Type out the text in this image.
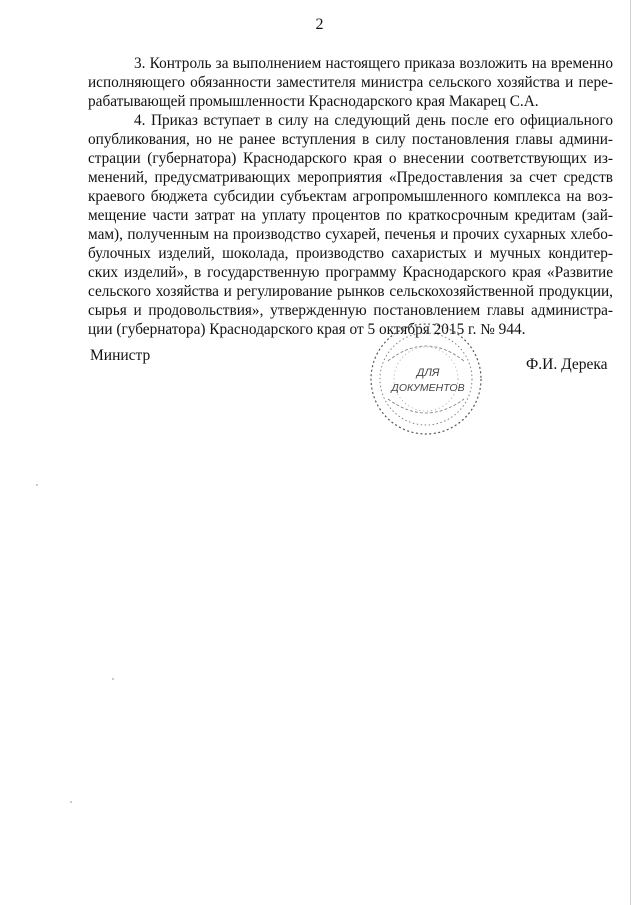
2
3. Контроль за выполнением настоящего приказа возложить на временно
исполняющего обязанности заместителя министра сельского хозяйства и пере-
рабатывающей промышленности Краснодарского края Макарец С.А.
4. Приказ вступает в силу на следующий день после его официального
опубликования, но не ранее вступления в силу постановления главы админи-
страции (губернатора) Краснодарского края о внесении соответствующих из-
менений, предусматривающих мероприятия «Предоставления за счет средств
краевого бюджета субсидии субъектам агропромышленного комплекса на воз-
мещение части затрат на уплату процентов по краткосрочным кредитам (зай-
мам), полученным на производство сухарей, печенья и прочих сухарных хлебо-
булочных изделий, шоколада, производство сахаристых и мучных кондитер-
ских изделий», в государственную программу Краснодарского края «Развитие
сельского хозяйства и регулирование рынков сельскохозяйственной продукции,
сырья и продовольствия», утвержденную постановлением главы администра-
ции (губернатора) Краснодарского края от 5 октября 2015 г. № 944.
Министр
Ф.И. Дерека
ДЛЯ
ДОКУМЕНТОВ
